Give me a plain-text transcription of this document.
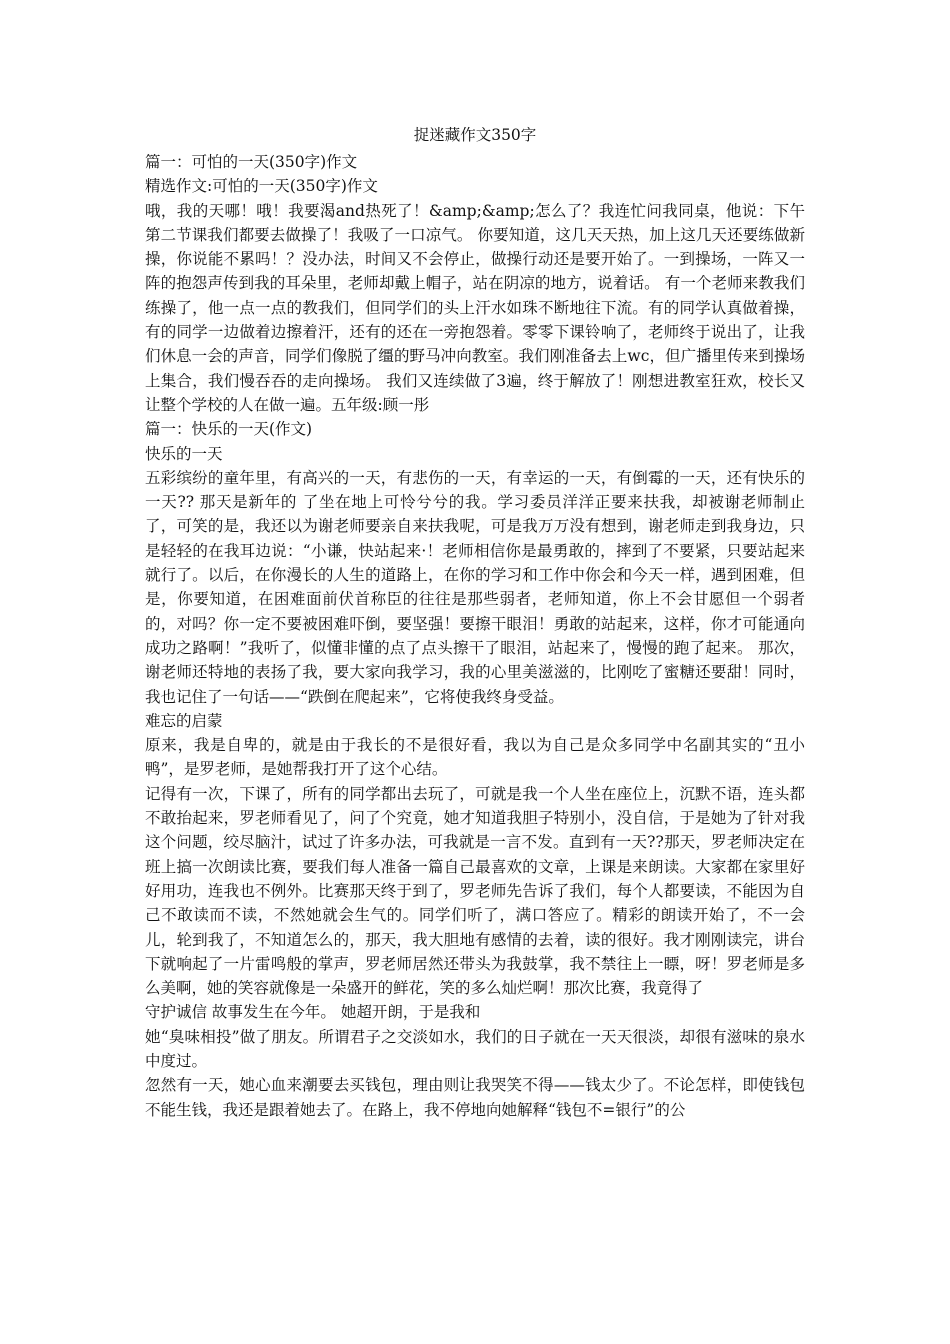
捉迷藏作文350字

篇一：可怕的一天(350字)作文

精选作文:可怕的一天(350字)作文

哦，我的天哪！哦！我要渴and热死了！&amp;&amp;怎么了？我连忙问我同桌，他说：下午第二节课我们都要去做操了！我吸了一口凉气。 你要知道，这几天天热，加上这几天还要练做新操，你说能不累吗！？没办法，时间又不会停止，做操行动还是要开始了。一到操场，一阵又一阵的抱怨声传到我的耳朵里，老师却戴上帽子，站在阴凉的地方，说着话。 有一个老师来教我们练操了，他一点一点的教我们，但同学们的头上汗水如珠不断地往下流。有的同学认真做着操，有的同学一边做着边擦着汗，还有的还在一旁抱怨着。零零下课铃响了，老师终于说出了，让我们休息一会的声音，同学们像脱了缰的野马冲向教室。我们刚准备去上wc，但广播里传来到操场上集合，我们慢吞吞的走向操场。 我们又连续做了3遍，终于解放了！刚想进教室狂欢，校长又让整个学校的人在做一遍。五年级:顾一彤

篇一：快乐的一天(作文)

快乐的一天

五彩缤纷的童年里，有高兴的一天，有悲伤的一天，有幸运的一天，有倒霉的一天，还有快乐的一天?? 那天是新年的 了坐在地上可怜兮兮的我。学习委员洋洋正要来扶我，却被谢老师制止了，可笑的是，我还以为谢老师要亲自来扶我呢，可是我万万没有想到，谢老师走到我身边，只是轻轻的在我耳边说：“小谦，快站起来·！老师相信你是最勇敢的，摔到了不要紧，只要站起来就行了。以后，在你漫长的人生的道路上，在你的学习和工作中你会和今天一样，遇到困难，但是，你要知道，在困难面前伏首称臣的往往是那些弱者，老师知道，你上不会甘愿但一个弱者的，对吗？你一定不要被困难吓倒，要坚强！要擦干眼泪！勇敢的站起来，这样，你才可能通向成功之路啊！”我听了，似懂非懂的点了点头擦干了眼泪，站起来了，慢慢的跑了起来。 那次，谢老师还特地的表扬了我，要大家向我学习，我的心里美滋滋的，比刚吃了蜜糖还要甜！同时，我也记住了一句话——“跌倒在爬起来”，它将使我终身受益。

难忘的启蒙

原来，我是自卑的，就是由于我长的不是很好看，我以为自己是众多同学中名副其实的“丑小鸭”，是罗老师，是她帮我打开了这个心结。

记得有一次，下课了，所有的同学都出去玩了，可就是我一个人坐在座位上，沉默不语，连头都不敢抬起来，罗老师看见了，问了个究竟，她才知道我胆子特别小，没自信，于是她为了针对我这个问题，绞尽脑汁，试过了许多办法，可我就是一言不发。直到有一天??那天，罗老师决定在班上搞一次朗读比赛，要我们每人准备一篇自己最喜欢的文章，上课是来朗读。大家都在家里好好用功，连我也不例外。比赛那天终于到了，罗老师先告诉了我们，每个人都要读，不能因为自己不敢读而不读，不然她就会生气的。同学们听了，满口答应了。精彩的朗读开始了，不一会儿，轮到我了，不知道怎么的，那天，我大胆地有感情的去着，读的很好。我才刚刚读完，讲台下就响起了一片雷鸣般的掌声，罗老师居然还带头为我鼓掌，我不禁往上一瞟，呀！罗老师是多么美啊，她的笑容就像是一朵盛开的鲜花，笑的多么灿烂啊！那次比赛，我竟得了

守护诚信 故事发生在今年。 她超开朗，于是我和

她“臭味相投”做了朋友。所谓君子之交淡如水，我们的日子就在一天天很淡，却很有滋味的泉水中度过。

忽然有一天，她心血来潮要去买钱包，理由则让我哭笑不得——钱太少了。不论怎样，即使钱包不能生钱，我还是跟着她去了。在路上，我不停地向她解释“钱包不=银行”的公
